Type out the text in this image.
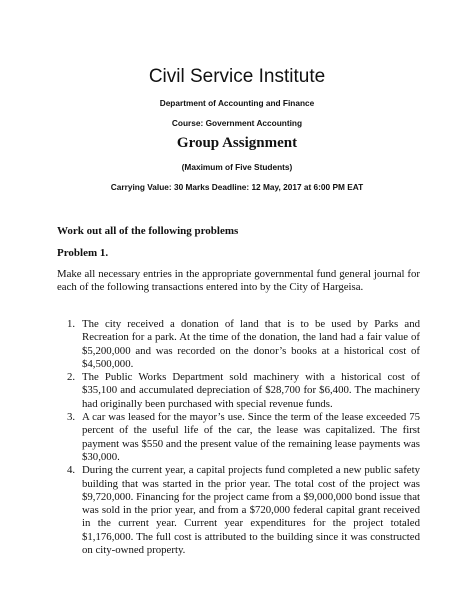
Civil Service Institute
Department of Accounting and Finance
Course: Government Accounting
Group Assignment
(Maximum of Five Students)
Carrying Value: 30 Marks Deadline: 12 May, 2017 at 6:00 PM EAT
Work out all of the following problems
Problem 1.
Make all necessary entries in the appropriate governmental fund general journal for each of the following transactions entered into by the City of Hargeisa.
1. The city received a donation of land that is to be used by Parks and Recreation for a park. At the time of the donation, the land had a fair value of $5,200,000 and was recorded on the donor’s books at a historical cost of $4,500,000.
2. The Public Works Department sold machinery with a historical cost of $35,100 and accumulated depreciation of $28,700 for $6,400. The machinery had originally been purchased with special revenue funds.
3. A car was leased for the mayor’s use. Since the term of the lease exceeded 75 percent of the useful life of the car, the lease was capitalized. The first payment was $550 and the present value of the remaining lease payments was $30,000.
4. During the current year, a capital projects fund completed a new public safety building that was started in the prior year. The total cost of the project was $9,720,000. Financing for the project came from a $9,000,000 bond issue that was sold in the prior year, and from a $720,000 federal capital grant received in the current year. Current year expenditures for the project totaled $1,176,000. The full cost is attributed to the building since it was constructed on city-owned property.
